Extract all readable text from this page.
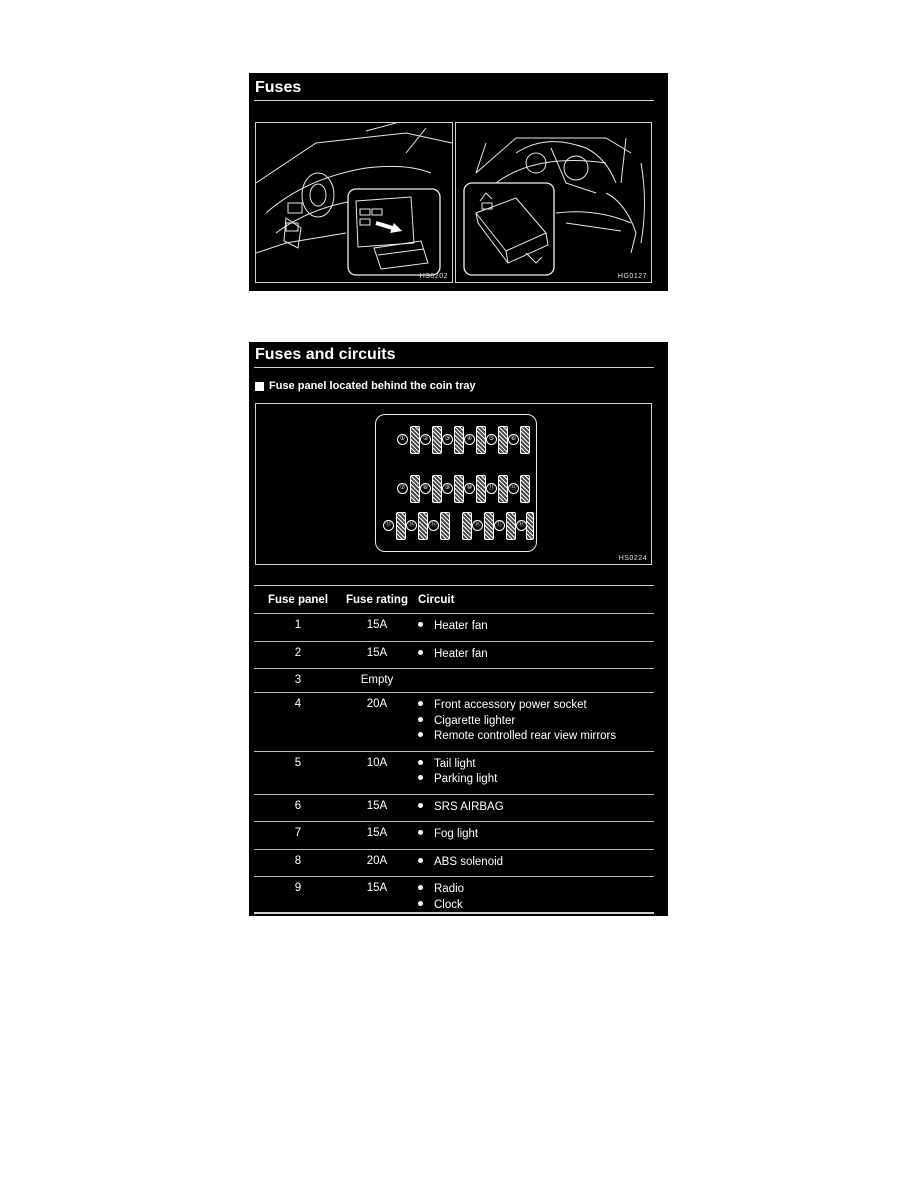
Fuses
HS0202	HG0127
Fuses and circuits
Fuse panel located behind the coin tray
①	②	③	④	⑤	⑥
⑦	⑧	⑨	⑩	⑪	⑫
⑬	⑭	⑮	⑯	⑰	⑱
HS0224
Fuse panel	Fuse rating	Circuit
1	15A	Heater fan

2	15A	Heater fan

3	Empty	
4	20A	Front accessory power socket
Cigarette lighter
Remote controlled rear view mirrors

5	10A	Tail light
Parking light

6	15A	SRS AIRBAG

7	15A	Fog light

8	20A	ABS solenoid

9	15A	Radio
Clock
